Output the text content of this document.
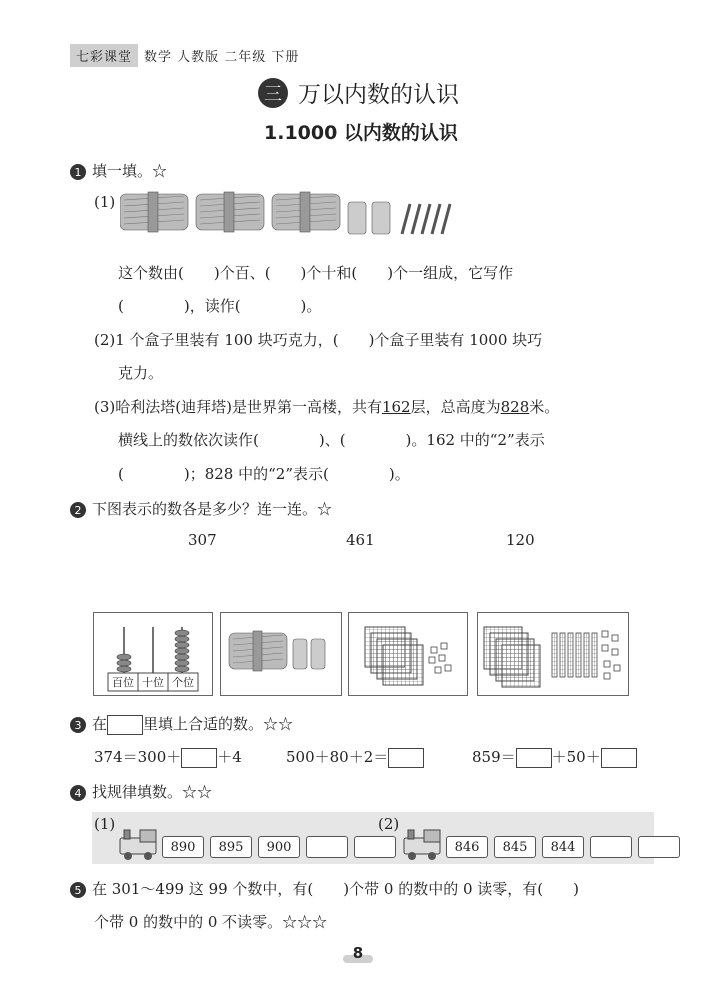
七彩课堂 数学 人教版 二年级 下册
三 万以内数的认识
1.1000 以内数的认识
1 填一填。☆
(1)
这个数由(　　)个百、(　　)个十和(　　)个一组成，它写作
(　　　　)，读作(　　　　)。
(2)1 个盒子里装有 100 块巧克力，(　　)个盒子里装有 1000 块巧
克力。
(3)哈利法塔(迪拜塔)是世界第一高楼，共有162层，总高度为828米。
横线上的数依次读作(　　　　)、(　　　　)。162 中的“2”表示
(　　　　)；828 中的“2”表示(　　　　)。
2 下图表示的数各是多少？连一连。☆
307	461	120
百位 十位 个位
3 在 里填上合适的数。☆☆
374＝300＋ ＋4	500＋80＋2＝	859＝ ＋50＋
4 找规律填数。☆☆
(1)
890	895	900
(2)
846	845	844
5 在 301～499 这 99 个数中，有(　　)个带 0 的数中的 0 读零，有(　　)
个带 0 的数中的 0 不读零。☆☆☆
8
